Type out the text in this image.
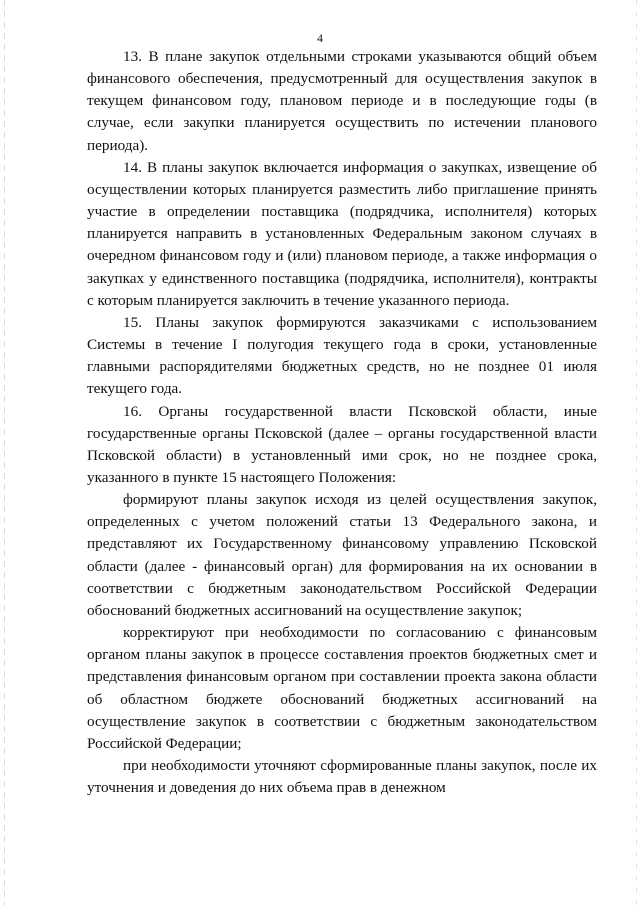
4

13. В плане закупок отдельными строками указываются общий объем финансового обеспечения, предусмотренный для осуществления закупок в текущем финансовом году, плановом периоде и в последующие годы (в случае, если закупки планируется осуществить по истечении планового периода).

14. В планы закупок включается информация о закупках, извещение об осуществлении которых планируется разместить либо приглашение принять участие в определении поставщика (подрядчика, исполнителя) которых планируется направить в установленных Федеральным законом случаях в очередном финансовом году и (или) плановом периоде, а также информация о закупках у единственного поставщика (подрядчика, исполнителя), контракты с которым планируется заключить в течение указанного периода.

15. Планы закупок формируются заказчиками с использованием Системы в течение I полугодия текущего года в сроки, установленные главными распорядителями бюджетных средств, но не позднее 01 июля текущего года.

16. Органы государственной власти Псковской области, иные государственные органы Псковской (далее – органы государственной власти Псковской области) в установленный ими срок, но не позднее срока, указанного в пункте 15 настоящего Положения:

формируют планы закупок исходя из целей осуществления закупок, определенных с учетом положений статьи 13 Федерального закона, и представляют их Государственному финансовому управлению Псковской области (далее - финансовый орган) для формирования на их основании в соответствии с бюджетным законодательством Российской Федерации обоснований бюджетных ассигнований на осуществление закупок;

корректируют при необходимости по согласованию с финансовым органом планы закупок в процессе составления проектов бюджетных смет и представления финансовым органом при составлении проекта закона области об областном бюджете обоснований бюджетных ассигнований на осуществление закупок в соответствии с бюджетным законодательством Российской Федерации;

при необходимости уточняют сформированные планы закупок, после их уточнения и доведения до них объема прав в денежном
